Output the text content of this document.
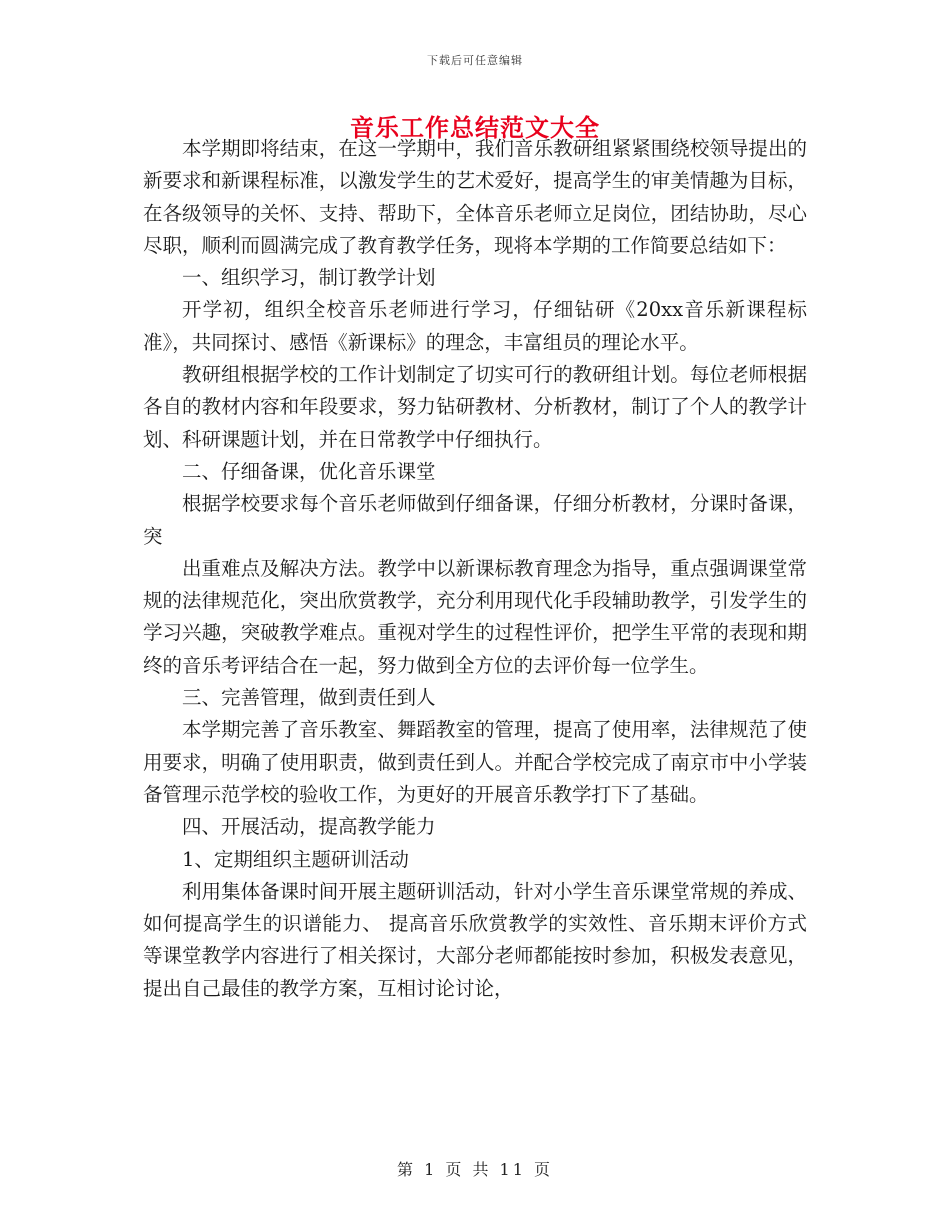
下载后可任意编辑
音乐工作总结范文大全

本学期即将结束，在这一学期中，我们音乐教研组紧紧围绕校领导提出的新要求和新课程标准，以激发学生的艺术爱好，提高学生的审美情趣为目标，在各级领导的关怀、支持、帮助下，全体音乐老师立足岗位，团结协助，尽心尽职，顺利而圆满完成了教育教学任务，现将本学期的工作简要总结如下：

一、组织学习，制订教学计划

开学初，组织全校音乐老师进行学习，仔细钻研《20xx音乐新课程标准》，共同探讨、感悟《新课标》的理念，丰富组员的理论水平。

教研组根据学校的工作计划制定了切实可行的教研组计划。每位老师根据各自的教材内容和年段要求，努力钻研教材、分析教材，制订了个人的教学计划、科研课题计划，并在日常教学中仔细执行。

二、仔细备课，优化音乐课堂

根据学校要求每个音乐老师做到仔细备课，仔细分析教材，分课时备课，突

出重难点及解决方法。教学中以新课标教育理念为指导，重点强调课堂常规的法律规范化，突出欣赏教学，充分利用现代化手段辅助教学，引发学生的学习兴趣，突破教学难点。重视对学生的过程性评价，把学生平常的表现和期终的音乐考评结合在一起，努力做到全方位的去评价每一位学生。

三、完善管理，做到责任到人

本学期完善了音乐教室、舞蹈教室的管理，提高了使用率，法律规范了使用要求，明确了使用职责，做到责任到人。并配合学校完成了南京市中小学装备管理示范学校的验收工作，为更好的开展音乐教学打下了基础。

四、开展活动，提高教学能力

1、定期组织主题研训活动

利用集体备课时间开展主题研训活动，针对小学生音乐课堂常规的养成、 如何提高学生的识谱能力、 提高音乐欣赏教学的实效性、音乐期末评价方式等课堂教学内容进行了相关探讨，大部分老师都能按时参加，积极发表意见，提出自己最佳的教学方案，互相讨论讨论，

第 1 页 共 11 页
